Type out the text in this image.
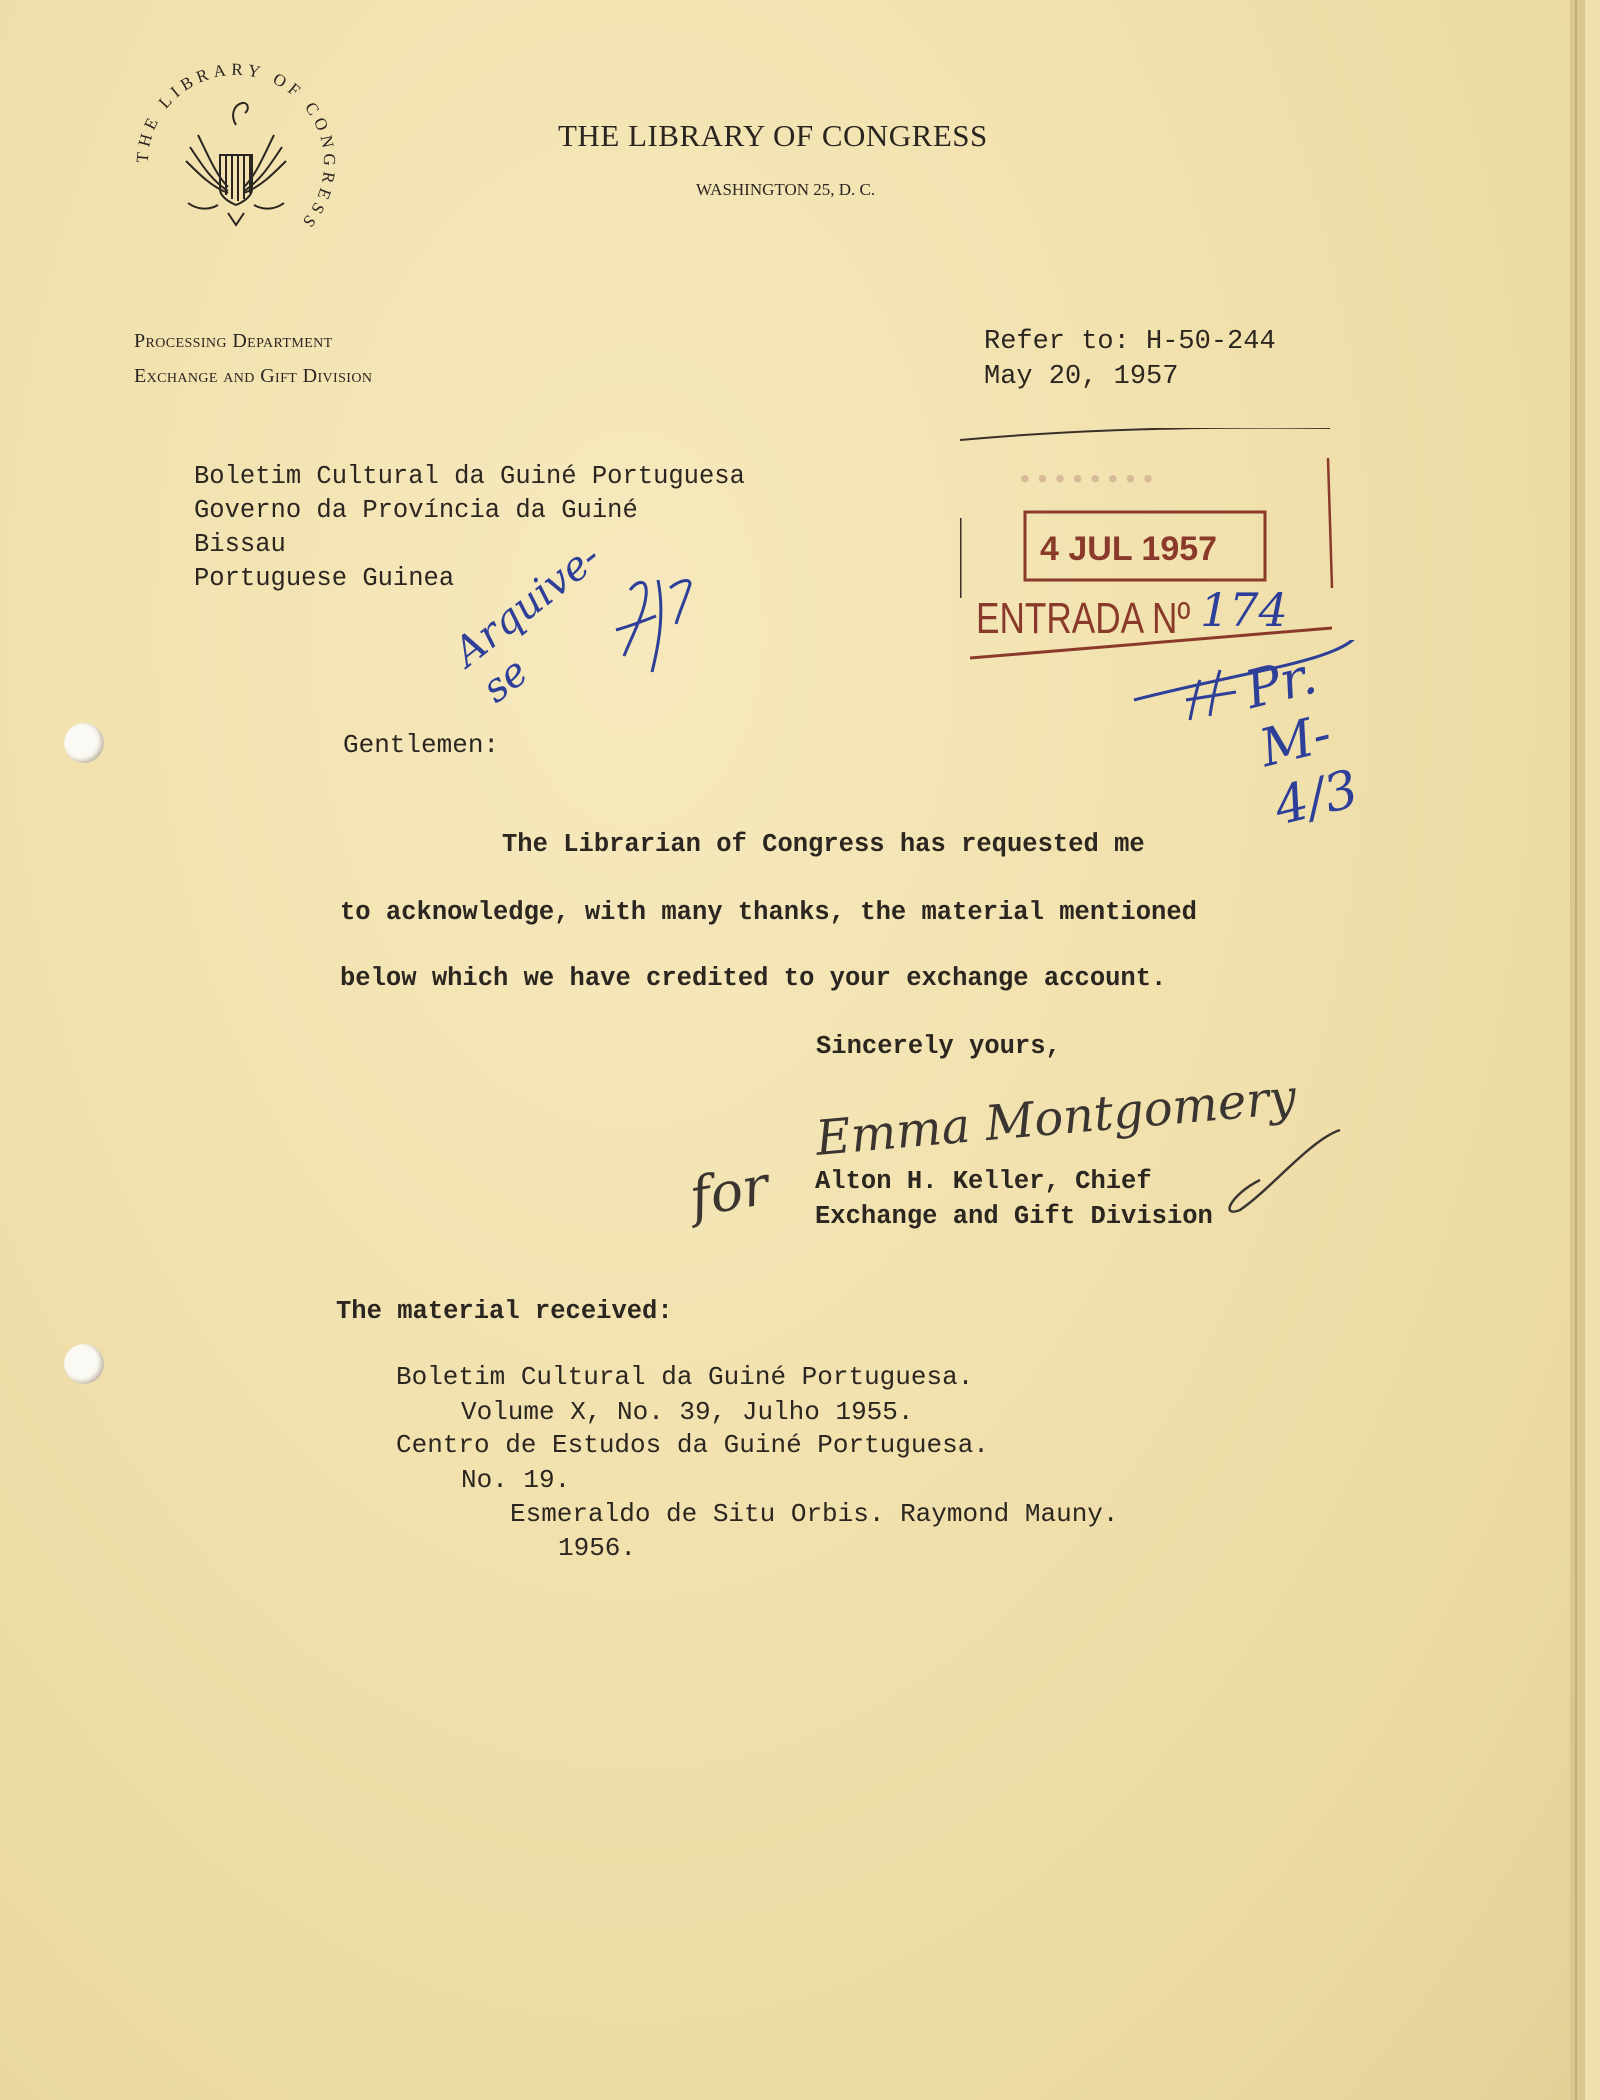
THE LIBRARY OF CONGRESS
THE LIBRARY OF CONGRESS
WASHINGTON 25, D. C.
Processing Department
Exchange and Gift Division
Refer to: H-50-244
May 20, 1957
Boletim Cultural da Guiné Portuguesa
Governo da Província da Guiné
Bissau
Portuguese Guinea
Arquive-se
• • • • • • • •
4 JUL 1957
ENTRADA Nº 174
Pr. M-4/3
Gentlemen:
The Librarian of Congress has requested me
to acknowledge, with many thanks, the material mentioned
below which we have credited to your exchange account.
Sincerely yours,
Emma Montgomery
for Alton H. Keller, Chief
Exchange and Gift Division
The material received:
Boletim Cultural da Guiné Portuguesa.
Volume X, No. 39, Julho 1955.
Centro de Estudos da Guiné Portuguesa.
No. 19.
Esmeraldo de Situ Orbis. Raymond Mauny.
1956.
